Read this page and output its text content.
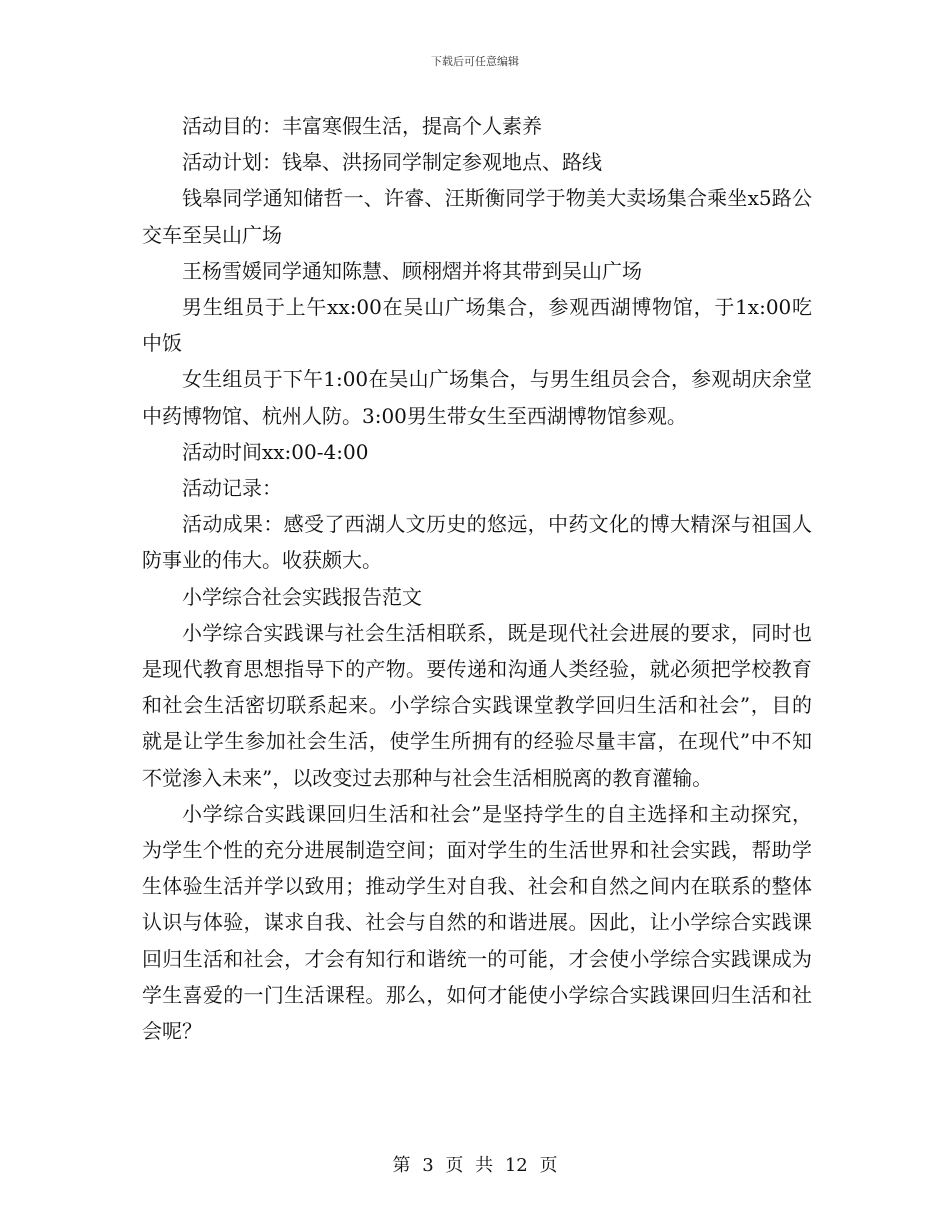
下载后可任意编辑

活动目的：丰富寒假生活，提高个人素养

活动计划：钱皋、洪扬同学制定参观地点、路线

钱皋同学通知储哲一、许睿、汪斯衡同学于物美大卖场集合乘坐x5路公交车至吴山广场

王杨雪媛同学通知陈慧、顾栩熠并将其带到吴山广场

男生组员于上午xx:00在吴山广场集合，参观西湖博物馆，于1x:00吃中饭

女生组员于下午1:00在吴山广场集合，与男生组员会合，参观胡庆余堂中药博物馆、杭州人防。3:00男生带女生至西湖博物馆参观。

活动时间xx:00-4:00

活动记录：

活动成果：感受了西湖人文历史的悠远，中药文化的博大精深与祖国人防事业的伟大。收获颇大。

小学综合社会实践报告范文

小学综合实践课与社会生活相联系，既是现代社会进展的要求，同时也是现代教育思想指导下的产物。要传递和沟通人类经验，就必须把学校教育和社会生活密切联系起来。小学综合实践课堂教学回归生活和社会”，目的就是让学生参加社会生活，使学生所拥有的经验尽量丰富，在现代”中不知不觉渗入未来”，以改变过去那种与社会生活相脱离的教育灌输。

小学综合实践课回归生活和社会”是坚持学生的自主选择和主动探究，为学生个性的充分进展制造空间；面对学生的生活世界和社会实践，帮助学生体验生活并学以致用；推动学生对自我、社会和自然之间内在联系的整体认识与体验，谋求自我、社会与自然的和谐进展。因此，让小学综合实践课回归生活和社会，才会有知行和谐统一的可能，才会使小学综合实践课成为学生喜爱的一门生活课程。那么，如何才能使小学综合实践课回归生活和社会呢？

第 3 页 共 12 页
